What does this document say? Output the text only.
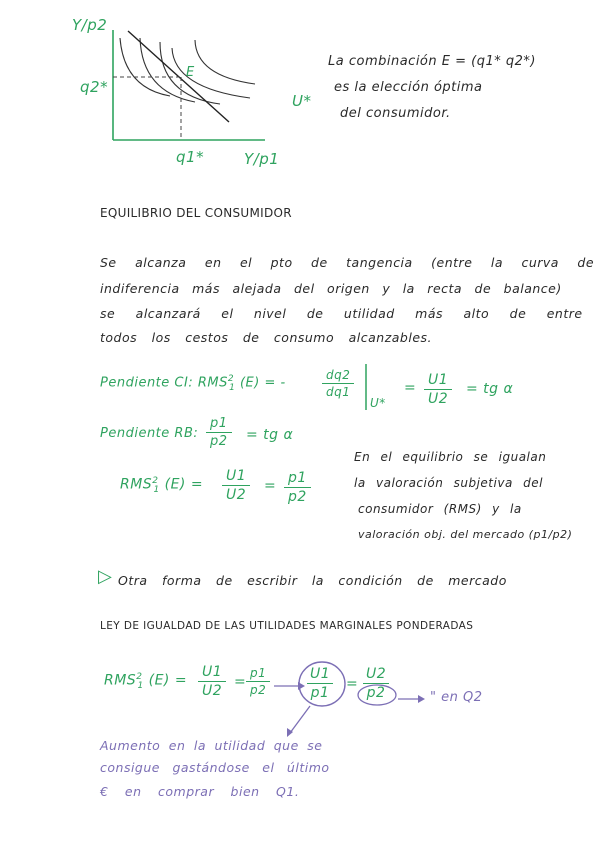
Y/p2
q2*
E
U*
q1*	Y/p1
La combinación E = (q1* q2*)
es la elección óptima
del consumidor.
EQUILIBRIO DEL CONSUMIDOR
Se alcanza en el pto de tangencia (entre la curva de
indiferencia más alejada del origen y la recta de balance)
se alcanzará el nivel de utilidad más alto de entre
todos los cestos de consumo alcanzables.
Pendiente CI: $RMS^2_1$ (E) = -	$\frac{dq2}{dq1}$
U*
= $\frac{U1}{U2}$ = tg α
Pendiente RB: $\frac{p1}{p2}$ = tg α
$RMS^2_1$ $(E) = \frac{U1}{U2} = \frac{p1}{p2}$
En el equilibrio se igualan
la valoración subjetiva del
consumidor (RMS) y la
valoración obj. del mercado (p1/p2)
▷ Otra forma de escribir la condición de mercado
LEY DE IGUALDAD DE LAS UTILIDADES MARGINALES PONDERADAS
$RMS^2_1$ $(E) = \frac{U1}{U2} = \frac{p1}{p2}$	$\frac{U1}{p1} = \frac{U2}{p2}$	" en Q2
Aumento en la utilidad que se
consigue gastándose el último
€ en comprar bien Q1.
